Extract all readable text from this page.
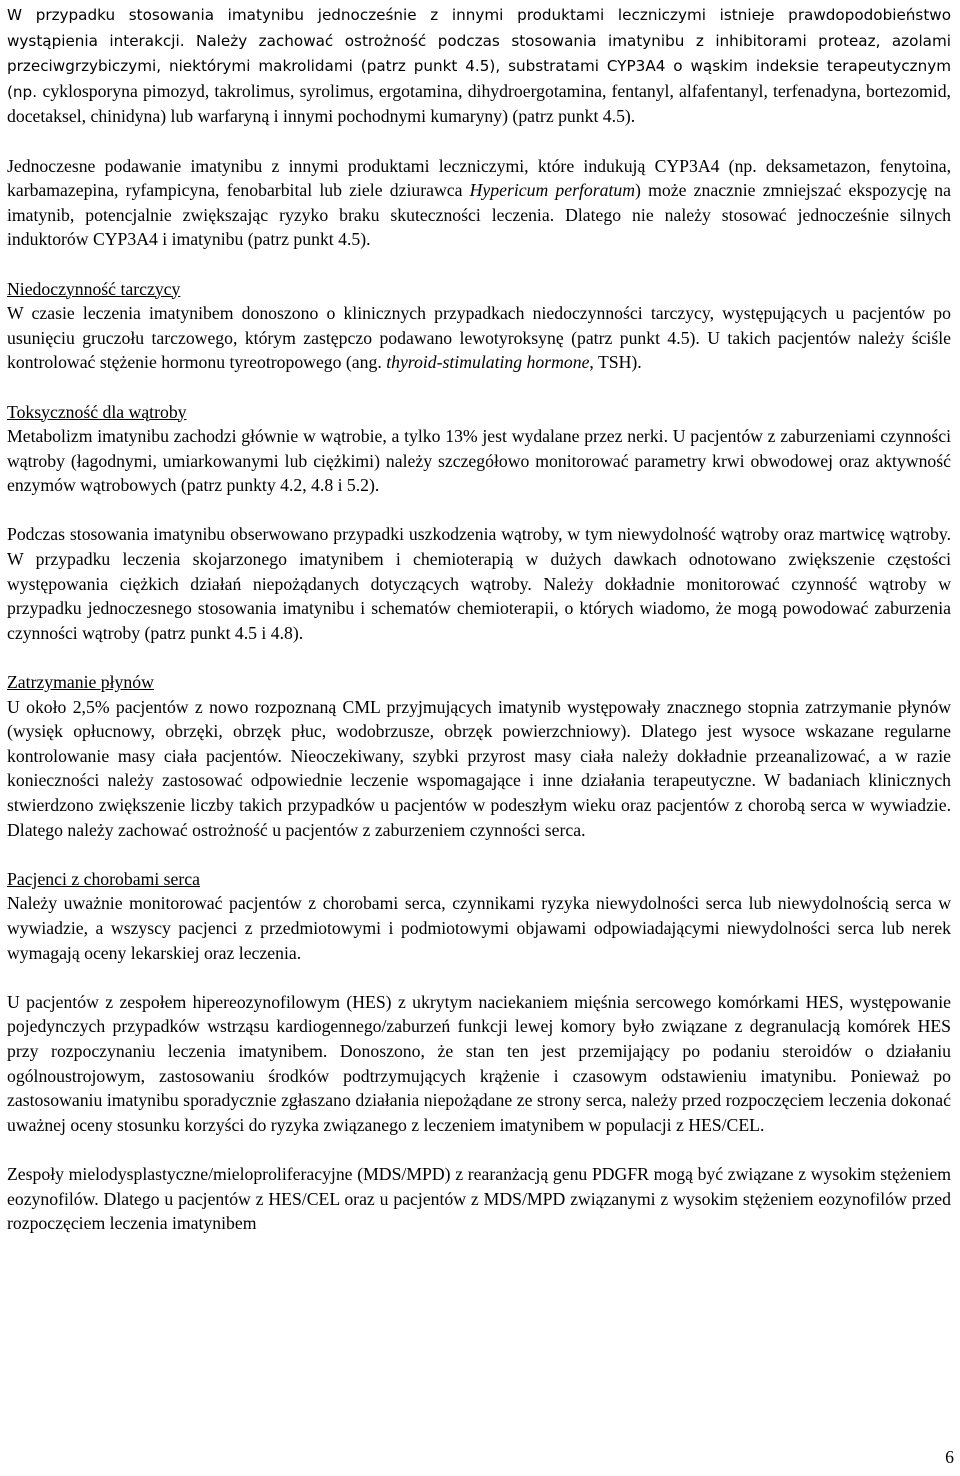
W przypadku stosowania imatynibu jednocześnie z innymi produktami leczniczymi istnieje prawdopodobieństwo wystąpienia interakcji. Należy zachować ostrożność podczas stosowania imatynibu z inhibitorami proteaz, azolami przeciwgrzybiczymi, niektórymi makrolidami (patrz punkt 4.5), substratami CYP3A4 o wąskim indeksie terapeutycznym (np. cyklosporyna pimozyd, takrolimus, syrolimus, ergotamina, dihydroergotamina, fentanyl, alfafentanyl, terfenadyna, bortezomid, docetaksel, chinidyna) lub warfaryną i innymi pochodnymi kumaryny) (patrz punkt 4.5).

Jednoczesne podawanie imatynibu z innymi produktami leczniczymi, które indukują CYP3A4 (np. deksametazon, fenytoina, karbamazepina, ryfampicyna, fenobarbital lub ziele dziurawca Hypericum perforatum) może znacznie zmniejszać ekspozycję na imatynib, potencjalnie zwiększając ryzyko braku skuteczności leczenia. Dlatego nie należy stosować jednocześnie silnych induktorów CYP3A4 i imatynibu (patrz punkt 4.5).

Niedoczynność tarczycy

W czasie leczenia imatynibem donoszono o klinicznych przypadkach niedoczynności tarczycy, występujących u pacjentów po usunięciu gruczołu tarczowego, którym zastępczo podawano lewotyroksynę (patrz punkt 4.5). U takich pacjentów należy ściśle kontrolować stężenie hormonu tyreotropowego (ang. thyroid-stimulating hormone, TSH).

Toksyczność dla wątroby

Metabolizm imatynibu zachodzi głównie w wątrobie, a tylko 13% jest wydalane przez nerki. U pacjentów z zaburzeniami czynności wątroby (łagodnymi, umiarkowanymi lub ciężkimi) należy szczegółowo monitorować parametry krwi obwodowej oraz aktywność enzymów wątrobowych (patrz punkty 4.2, 4.8 i 5.2).

Podczas stosowania imatynibu obserwowano przypadki uszkodzenia wątroby, w tym niewydolność wątroby oraz martwicę wątroby. W przypadku leczenia skojarzonego imatynibem i chemioterapią w dużych dawkach odnotowano zwiększenie częstości występowania ciężkich działań niepożądanych dotyczących wątroby. Należy dokładnie monitorować czynność wątroby w przypadku jednoczesnego stosowania imatynibu i schematów chemioterapii, o których wiadomo, że mogą powodować zaburzenia czynności wątroby (patrz punkt 4.5 i 4.8).

Zatrzymanie płynów

U około 2,5% pacjentów z nowo rozpoznaną CML przyjmujących imatynib występowały znacznego stopnia zatrzymanie płynów (wysięk opłucnowy, obrzęki, obrzęk płuc, wodobrzusze, obrzęk powierzchniowy). Dlatego jest wysoce wskazane regularne kontrolowanie masy ciała pacjentów. Nieoczekiwany, szybki przyrost masy ciała należy dokładnie przeanalizować, a w razie konieczności należy zastosować odpowiednie leczenie wspomagające i inne działania terapeutyczne. W badaniach klinicznych stwierdzono zwiększenie liczby takich przypadków u pacjentów w podeszłym wieku oraz pacjentów z chorobą serca w wywiadzie. Dlatego należy zachować ostrożność u pacjentów z zaburzeniem czynności serca.

Pacjenci z chorobami serca

Należy uważnie monitorować pacjentów z chorobami serca, czynnikami ryzyka niewydolności serca lub niewydolnością serca w wywiadzie, a wszyscy pacjenci z przedmiotowymi i podmiotowymi objawami odpowiadającymi niewydolności serca lub nerek wymagają oceny lekarskiej oraz leczenia.

U pacjentów z zespołem hipereozynofilowym (HES) z ukrytym naciekaniem mięśnia sercowego komórkami HES, występowanie pojedynczych przypadków wstrząsu kardiogennego/zaburzeń funkcji lewej komory było związane z degranulacją komórek HES przy rozpoczynaniu leczenia imatynibem. Donoszono, że stan ten jest przemijający po podaniu steroidów o działaniu ogólnoustrojowym, zastosowaniu środków podtrzymujących krążenie i czasowym odstawieniu imatynibu. Ponieważ po zastosowaniu imatynibu sporadycznie zgłaszano działania niepożądane ze strony serca, należy przed rozpoczęciem leczenia dokonać uważnej oceny stosunku korzyści do ryzyka związanego z leczeniem imatynibem w populacji z HES/CEL.

Zespoły mielodysplastyczne/mieloproliferacyjne (MDS/MPD) z rearanżacją genu PDGFR mogą być związane z wysokim stężeniem eozynofilów. Dlatego u pacjentów z HES/CEL oraz u pacjentów z MDS/MPD związanymi z wysokim stężeniem eozynofilów przed rozpoczęciem leczenia imatynibem

6
